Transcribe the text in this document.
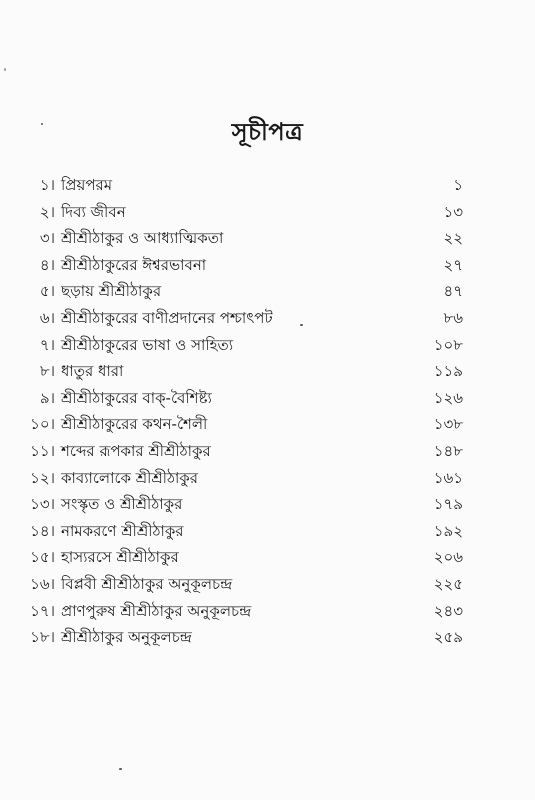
সূচীপত্র
১। প্রিয়পরম	১
২। দিব্য জীবন	১৩
৩। শ্রীশ্রীঠাকুর ও আধ্যাত্মিকতা	২২
৪। শ্রীশ্রীঠাকুরের ঈশ্বরভাবনা	২৭
৫। ছড়ায় শ্রীশ্রীঠাকুর	৪৭
৬। শ্রীশ্রীঠাকুরের বাণীপ্রদানের পশ্চাৎপট	৮৬
৭। শ্রীশ্রীঠাকুরের ভাষা ও সাহিত্য	১০৮
৮। ধাতুর ধারা	১১৯
৯। শ্রীশ্রীঠাকুরের বাক্-বৈশিষ্ট্য	১২৬
১০। শ্রীশ্রীঠাকুরের কথন-শৈলী	১৩৮
১১। শব্দের রূপকার শ্রীশ্রীঠাকুর	১৪৮
১২। কাব্যালোকে শ্রীশ্রীঠাকুর	১৬১
১৩। সংস্কৃত ও শ্রীশ্রীঠাকুর	১৭৯
১৪। নামকরণে শ্রীশ্রীঠাকুর	১৯২
১৫। হাস্যরসে শ্রীশ্রীঠাকুর	২০৬
১৬। বিপ্লবী শ্রীশ্রীঠাকুর অনুকূলচন্দ্র	২২৫
১৭। প্রাণপুরুষ শ্রীশ্রীঠাকুর অনুকূলচন্দ্র	২৪৩
১৮। শ্রীশ্রীঠাকুর অনুকূলচন্দ্র	২৫৯
